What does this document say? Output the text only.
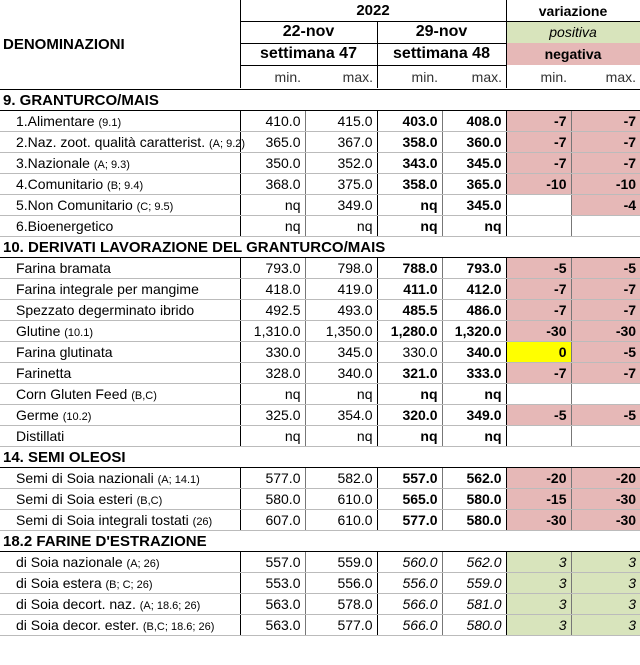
DENOMINAZIONI
2022	variazione
22-nov	29-nov	positiva
settimana 47	settimana 48	negativa
min.	max.	min.	max.	min.	max.
9. GRANTURCO/MAIS						
1.Alimentare (9.1)	410.0	415.0	403.0	408.0	-7	-7
2.Naz. zoot. qualità caratterist. (A; 9.2)	365.0	367.0	358.0	360.0	-7	-7
3.Nazionale (A; 9.3)	350.0	352.0	343.0	345.0	-7	-7
4.Comunitario (B; 9.4)	368.0	375.0	358.0	365.0	-10	-10
5.Non Comunitario (C; 9.5)	nq	349.0	nq	345.0		-4
6.Bioenergetico	nq	nq	nq	nq		
10. DERIVATI LAVORAZIONE DEL GRANTURCO/MAIS						
Farina bramata	793.0	798.0	788.0	793.0	-5	-5
Farina integrale per mangime	418.0	419.0	411.0	412.0	-7	-7
Spezzato degerminato ibrido	492.5	493.0	485.5	486.0	-7	-7
Glutine (10.1)	1,310.0	1,350.0	1,280.0	1,320.0	-30	-30
Farina glutinata	330.0	345.0	330.0	340.0	0	-5
Farinetta	328.0	340.0	321.0	333.0	-7	-7
Corn Gluten Feed (B,C)	nq	nq	nq	nq		
Germe (10.2)	325.0	354.0	320.0	349.0	-5	-5
Distillati	nq	nq	nq	nq		
14. SEMI OLEOSI						
Semi di Soia nazionali (A; 14.1)	577.0	582.0	557.0	562.0	-20	-20
Semi di Soia esteri (B,C)	580.0	610.0	565.0	580.0	-15	-30
Semi di Soia integrali tostati (26)	607.0	610.0	577.0	580.0	-30	-30
18.2 FARINE D'ESTRAZIONE						
di Soia nazionale (A; 26)	557.0	559.0	560.0	562.0	3	3
di Soia estera (B; C; 26)	553.0	556.0	556.0	559.0	3	3
di Soia decort. naz. (A; 18.6; 26)	563.0	578.0	566.0	581.0	3	3
di Soia decor. ester. (B,C; 18.6; 26)	563.0	577.0	566.0	580.0	3	3
